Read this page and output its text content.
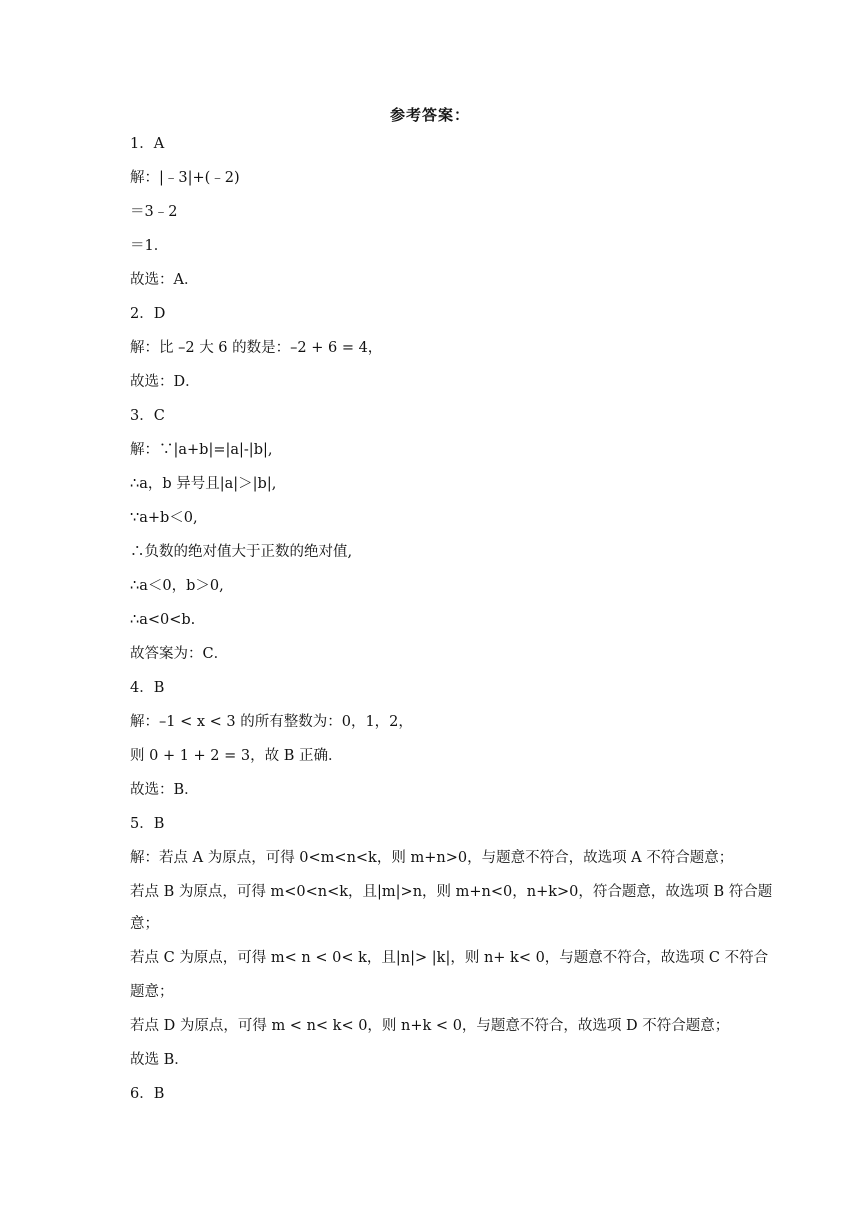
参考答案：
1．A
解：|﹣3|+(﹣2)
＝3﹣2
＝1．
故选：A．
2．D
解：比 –2 大 6 的数是：–2 + 6 = 4，
故选：D．
3．C
解：∵|a+b|=|a|-|b|,
∴a，b 异号且|a|＞|b|,
∵a+b＜0,
∴负数的绝对值大于正数的绝对值,
∴a＜0，b＞0,
∴a<0<b.
故答案为：C．
4．B
解：–1 < x < 3 的所有整数为：0，1，2，
则 0 + 1 + 2 = 3，故 B 正确．
故选：B．
5．B
解：若点 A 为原点，可得 0<m<n<k，则 m+n>0，与题意不符合，故选项 A 不符合题意；
若点 B 为原点，可得 m<0<n<k，且|m|>n，则 m+n<0，n+k>0，符合题意，故选项 B 符合题
意；
若点 C 为原点，可得 m< n < 0< k，且|n|> |k|，则 n+ k< 0，与题意不符合，故选项 C 不符合
题意；
若点 D 为原点，可得 m < n< k< 0，则 n+k < 0，与题意不符合，故选项 D 不符合题意；
故选 B．
6．B
